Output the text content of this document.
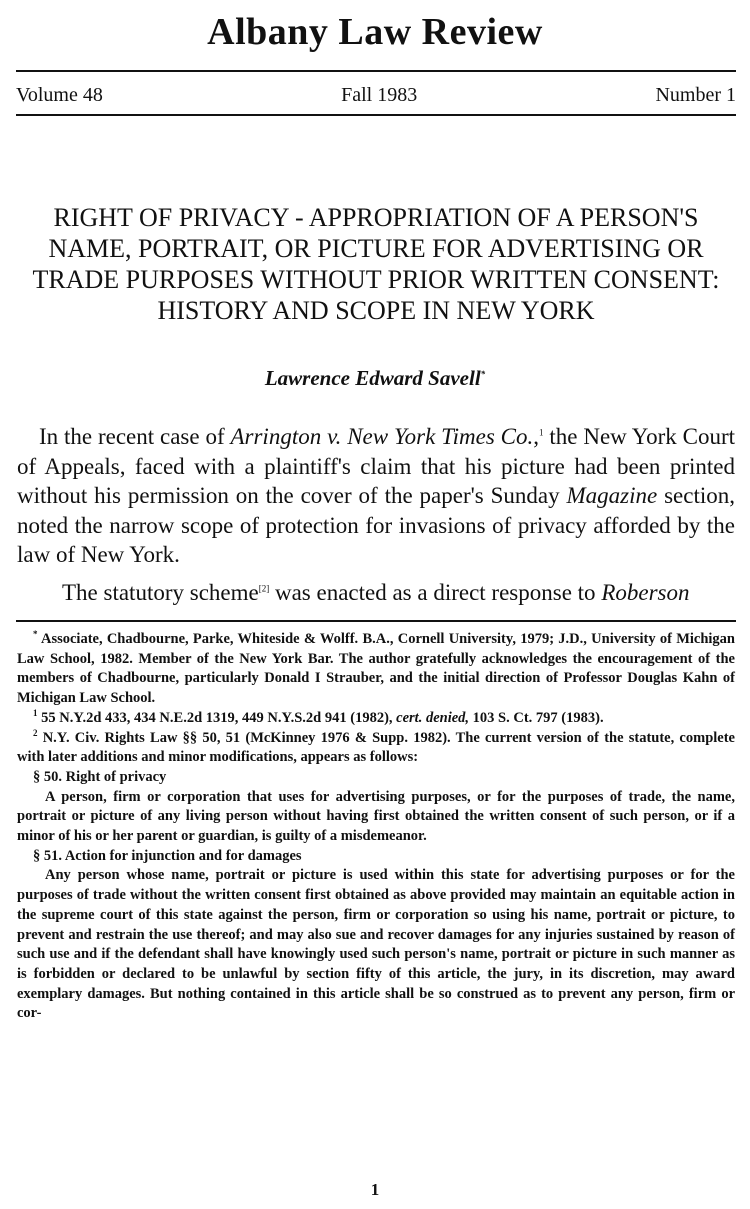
Albany Law Review
Volume 48	Fall 1983	Number 1
RIGHT OF PRIVACY - APPROPRIATION OF A PERSON'S NAME, PORTRAIT, OR PICTURE FOR ADVERTISING OR TRADE PURPOSES WITHOUT PRIOR WRITTEN CONSENT: HISTORY AND SCOPE IN NEW YORK
Lawrence Edward Savell*

In the recent case of Arrington v. New York Times Co.,$^1$ the New York Court of Appeals, faced with a plaintiff's claim that his picture had been printed without his permission on the cover of the paper's Sunday Magazine section, noted the narrow scope of protection for invasions of privacy afforded by the law of New York.

The statutory scheme[2] was enacted as a direct response to Roberson

* Associate, Chadbourne, Parke, Whiteside & Wolff. B.A., Cornell University, 1979; J.D., University of Michigan Law School, 1982. Member of the New York Bar. The author gratefully acknowledges the encouragement of the members of Chadbourne, particularly Donald I Strauber, and the initial direction of Professor Douglas Kahn of Michigan Law School.

$^1$ 55 N.Y.2d 433, 434 N.E.2d 1319, 449 N.Y.S.2d 941 (1982), cert. denied, 103 S. Ct. 797 (1983).

$^2$ N.Y. Civ. Rights Law §§ 50, 51 (McKinney 1976 & Supp. 1982). The current version of the statute, complete with later additions and minor modifications, appears as follows:

§ 50. Right of privacy

A person, firm or corporation that uses for advertising purposes, or for the purposes of trade, the name, portrait or picture of any living person without having first obtained the written consent of such person, or if a minor of his or her parent or guardian, is guilty of a misdemeanor.

§ 51. Action for injunction and for damages

Any person whose name, portrait or picture is used within this state for advertising purposes or for the purposes of trade without the written consent first obtained as above provided may maintain an equitable action in the supreme court of this state against the person, firm or corporation so using his name, portrait or picture, to prevent and restrain the use thereof; and may also sue and recover damages for any injuries sustained by reason of such use and if the defendant shall have knowingly used such person's name, portrait or picture in such manner as is forbidden or declared to be unlawful by section fifty of this article, the jury, in its discretion, may award exemplary damages. But nothing contained in this article shall be so construed as to prevent any person, firm or cor-

1
